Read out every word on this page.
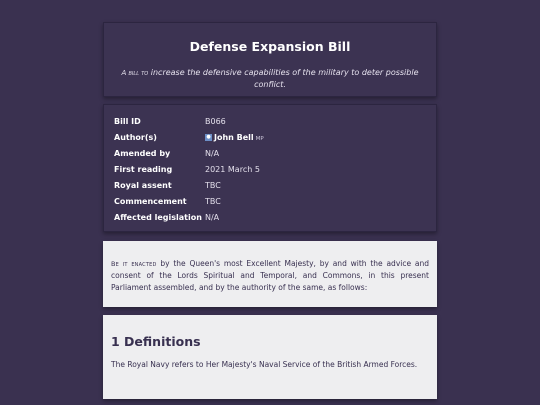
Defense Expansion Bill
A bill to increase the defensive capabilities of the military to deter possible conflict.
Bill ID	B066
Author(s)	● John Bell MP
Amended by	N/A
First reading	2021 March 5
Royal assent	TBC
Commencement	TBC
Affected legislation N/A

Be it enacted by the Queen's most Excellent Majesty, by and with the advice and consent of the Lords Spiritual and Temporal, and Commons, in this present Parliament assembled, and by the authority of the same, as follows:

1 Definitions

The Royal Navy refers to Her Majesty's Naval Service of the British Armed Forces.
